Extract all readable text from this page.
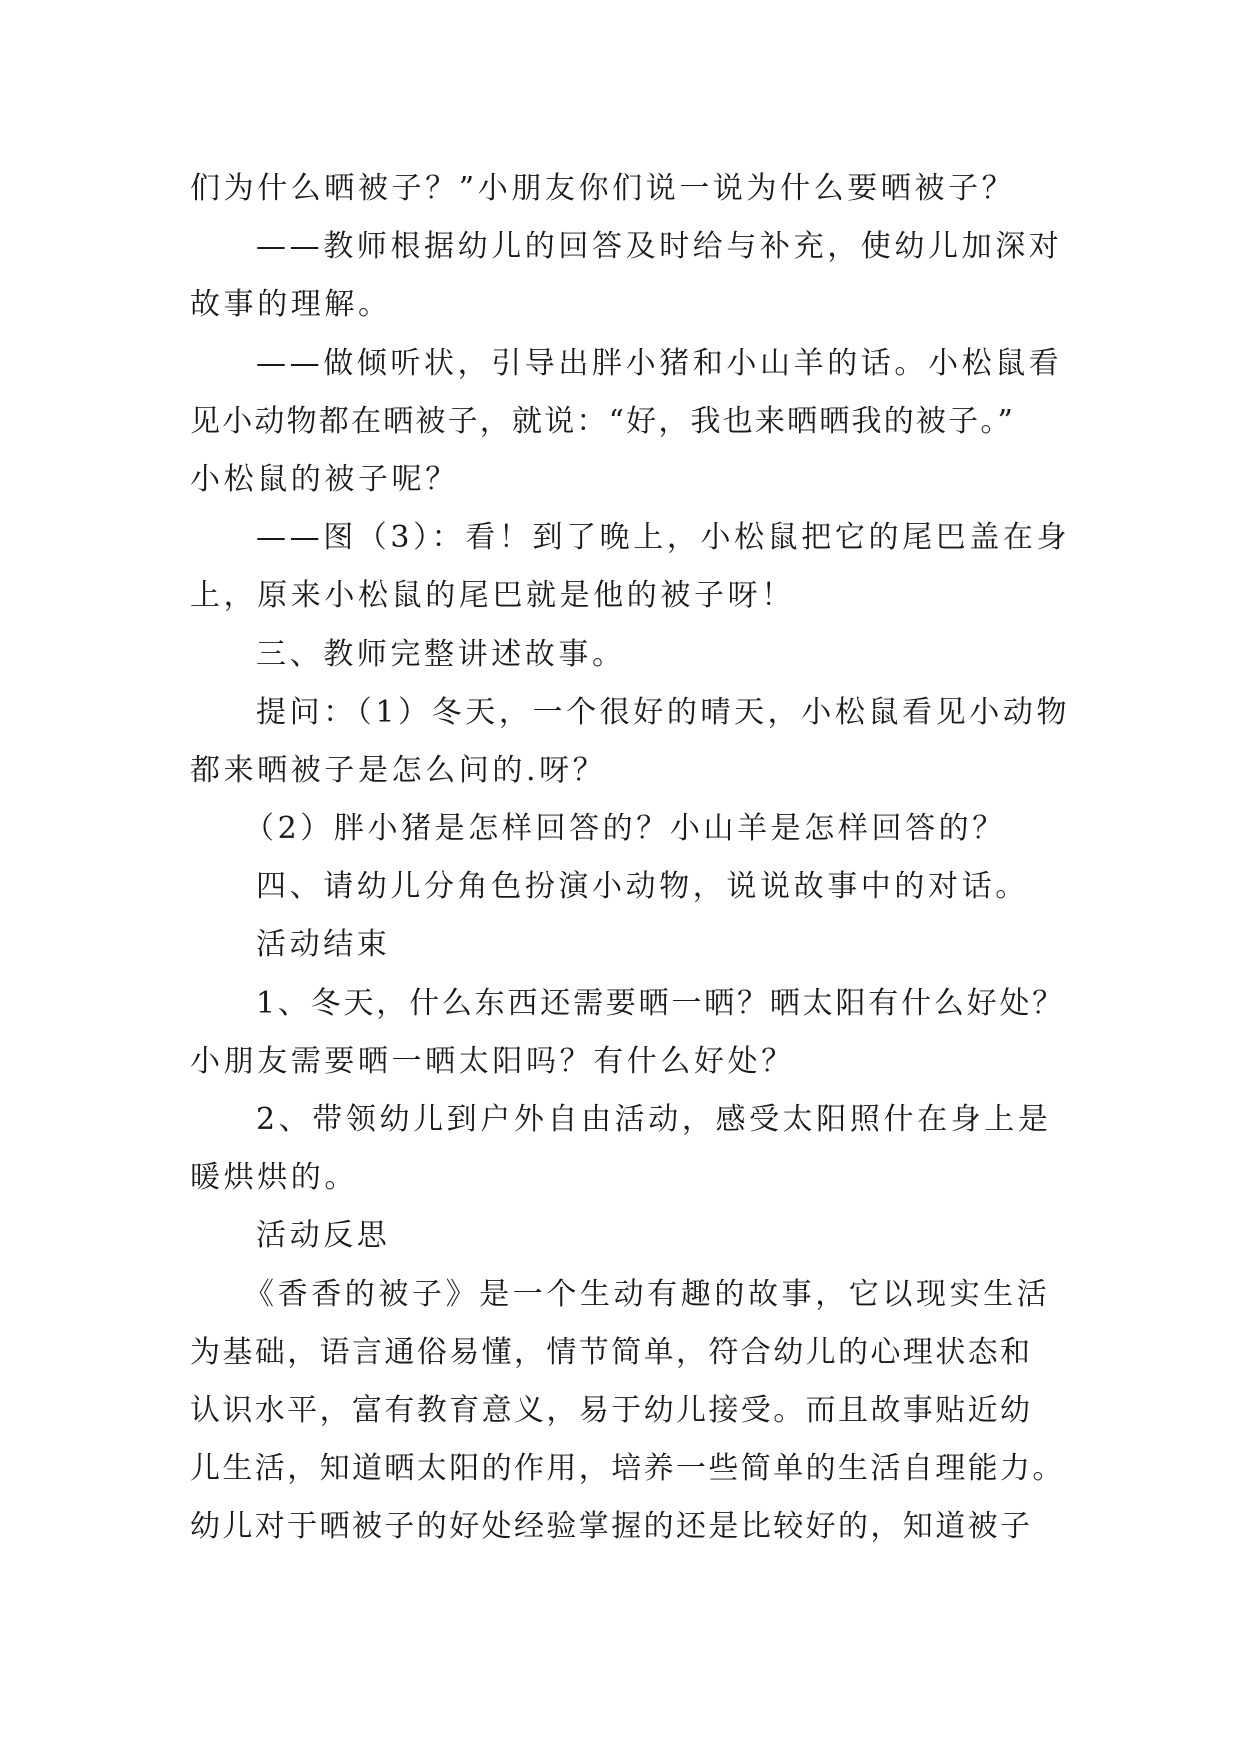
们为什么晒被子？”小朋友你们说一说为什么要晒被子？
——教师根据幼儿的回答及时给与补充，使幼儿加深对
故事的理解。
——做倾听状，引导出胖小猪和小山羊的话。小松鼠看
见小动物都在晒被子，就说：“好，我也来晒晒我的被子。”
小松鼠的被子呢？
——图（3）：看！到了晚上，小松鼠把它的尾巴盖在身
上，原来小松鼠的尾巴就是他的被子呀！
三、教师完整讲述故事。
提问：（1）冬天，一个很好的晴天，小松鼠看见小动物
都来晒被子是怎么问的.呀？
（2）胖小猪是怎样回答的？小山羊是怎样回答的？
四、请幼儿分角色扮演小动物，说说故事中的对话。
活动结束
1、冬天，什么东西还需要晒一晒？晒太阳有什么好处？
小朋友需要晒一晒太阳吗？有什么好处？
2、带领幼儿到户外自由活动，感受太阳照什在身上是
暖烘烘的。
活动反思
《香香的被子》是一个生动有趣的故事，它以现实生活
为基础，语言通俗易懂，情节简单，符合幼儿的心理状态和
认识水平，富有教育意义，易于幼儿接受。而且故事贴近幼
儿生活，知道晒太阳的作用，培养一些简单的生活自理能力。
幼儿对于晒被子的好处经验掌握的还是比较好的，知道被子
